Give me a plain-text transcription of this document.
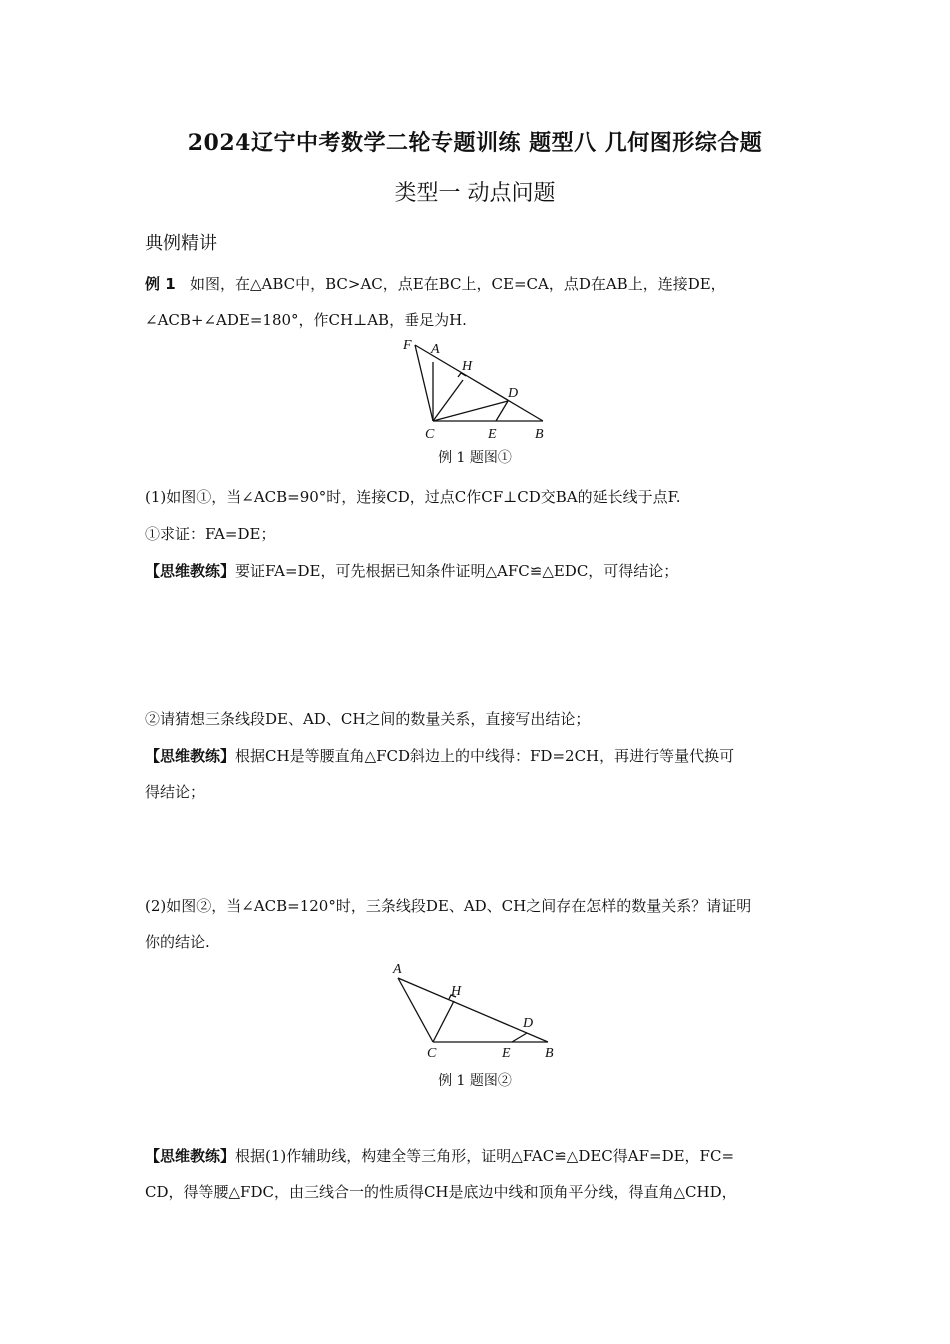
2024辽宁中考数学二轮专题训练 题型八 几何图形综合题
类型一 动点问题
典例精讲
例 1 如图，在△ABC中，BC>AC，点E在BC上，CE=CA，点D在AB上，连接DE，
∠ACB+∠ADE=180°，作CH⊥AB，垂足为H.
F A
H
D
C	E	B
例 1 题图①
(1)如图①，当∠ACB=90°时，连接CD，过点C作CF⊥CD交BA的延长线于点F.
①求证：FA=DE；
【思维教练】要证FA=DE，可先根据已知条件证明△AFC≌△EDC，可得结论；
②请猜想三条线段DE、AD、CH之间的数量关系，直接写出结论；
【思维教练】根据CH是等腰直角△FCD斜边上的中线得：FD=2CH，再进行等量代换可
得结论；
(2)如图②，当∠ACB=120°时，三条线段DE、AD、CH之间存在怎样的数量关系？请证明
你的结论.
A
H
D
C	E B
例 1 题图②
【思维教练】根据(1)作辅助线，构建全等三角形，证明△FAC≌△DEC得AF=DE，FC=
CD，得等腰△FDC，由三线合一的性质得CH是底边中线和顶角平分线，得直角△CHD，
